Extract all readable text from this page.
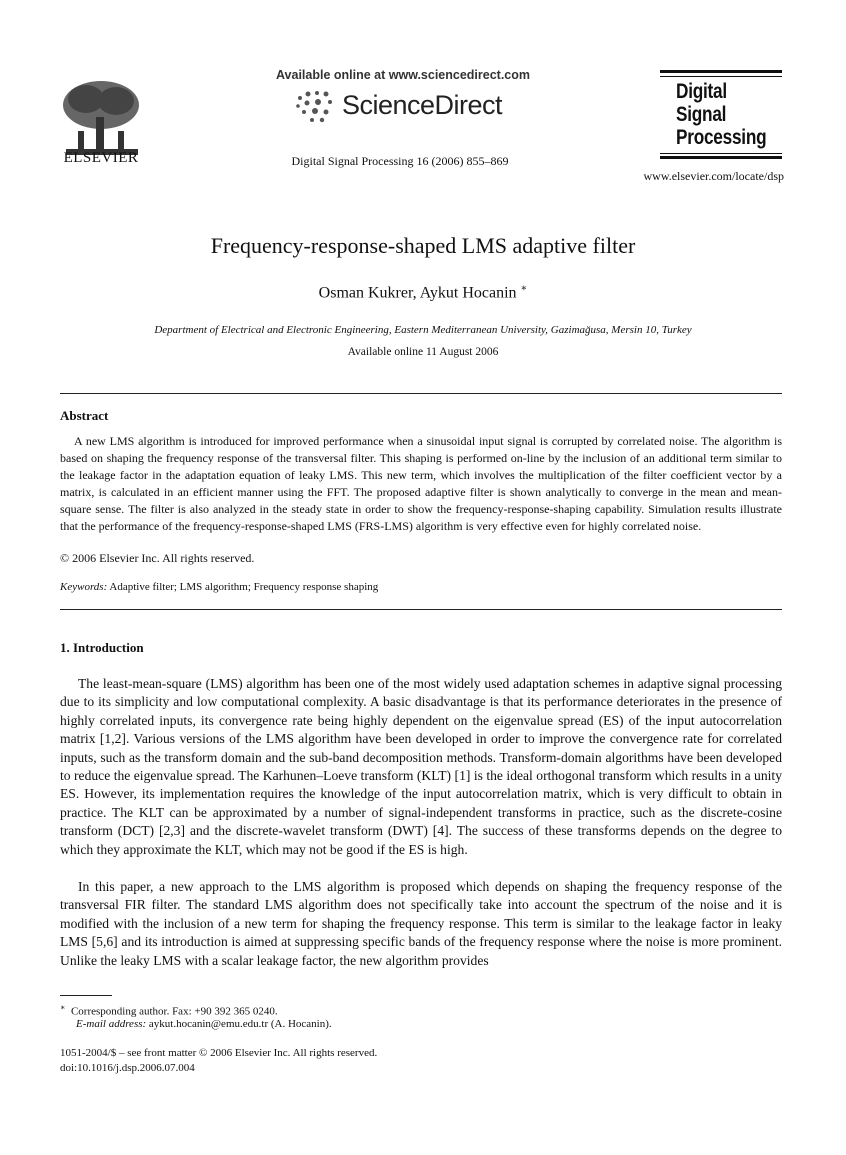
ELSEVIER
Available online at www.sciencedirect.com
ScienceDirect
Digital Signal Processing 16 (2006) 855–869
Digital
Signal
Processing
www.elsevier.com/locate/dsp
Frequency-response-shaped LMS adaptive filter
Osman Kukrer, Aykut Hocanin ∗
Department of Electrical and Electronic Engineering, Eastern Mediterranean University, Gazimağusa, Mersin 10, Turkey
Available online 11 August 2006
Abstract
A new LMS algorithm is introduced for improved performance when a sinusoidal input signal is corrupted by correlated noise. The algorithm is based on shaping the frequency response of the transversal filter. This shaping is performed on-line by the inclusion of an additional term similar to the leakage factor in the adaptation equation of leaky LMS. This new term, which involves the multiplication of the filter coefficient vector by a matrix, is calculated in an efficient manner using the FFT. The proposed adaptive filter is shown analytically to converge in the mean and mean-square sense. The filter is also analyzed in the steady state in order to show the frequency-response-shaping capability. Simulation results illustrate that the performance of the frequency-response-shaped LMS (FRS-LMS) algorithm is very effective even for highly correlated noise.
© 2006 Elsevier Inc. All rights reserved.
Keywords: Adaptive filter; LMS algorithm; Frequency response shaping
1. Introduction
The least-mean-square (LMS) algorithm has been one of the most widely used adaptation schemes in adaptive signal processing due to its simplicity and low computational complexity. A basic disadvantage is that its performance deteriorates in the presence of highly correlated inputs, its convergence rate being highly dependent on the eigenvalue spread (ES) of the input autocorrelation matrix [1,2]. Various versions of the LMS algorithm have been developed in order to improve the convergence rate for correlated inputs, such as the transform domain and the sub-band decomposition methods. Transform-domain algorithms have been developed to reduce the eigenvalue spread. The Karhunen–Loeve transform (KLT) [1] is the ideal orthogonal transform which results in a unity ES. However, its implementation requires the knowledge of the input autocorrelation matrix, which is very difficult to obtain in practice. The KLT can be approximated by a number of signal-independent transforms in practice, such as the discrete-cosine transform (DCT) [2,3] and the discrete-wavelet transform (DWT) [4]. The success of these transforms depends on the degree to which they approximate the KLT, which may not be good if the ES is high.
In this paper, a new approach to the LMS algorithm is proposed which depends on shaping the frequency response of the transversal FIR filter. The standard LMS algorithm does not specifically take into account the spectrum of the noise and it is modified with the inclusion of a new term for shaping the frequency response. This term is similar to the leakage factor in leaky LMS [5,6] and its introduction is aimed at suppressing specific bands of the frequency response where the noise is more prominent. Unlike the leaky LMS with a scalar leakage factor, the new algorithm provides
∗ Corresponding author. Fax: +90 392 365 0240.
E-mail address: aykut.hocanin@emu.edu.tr (A. Hocanin).
1051-2004/$ – see front matter © 2006 Elsevier Inc. All rights reserved.
doi:10.1016/j.dsp.2006.07.004
